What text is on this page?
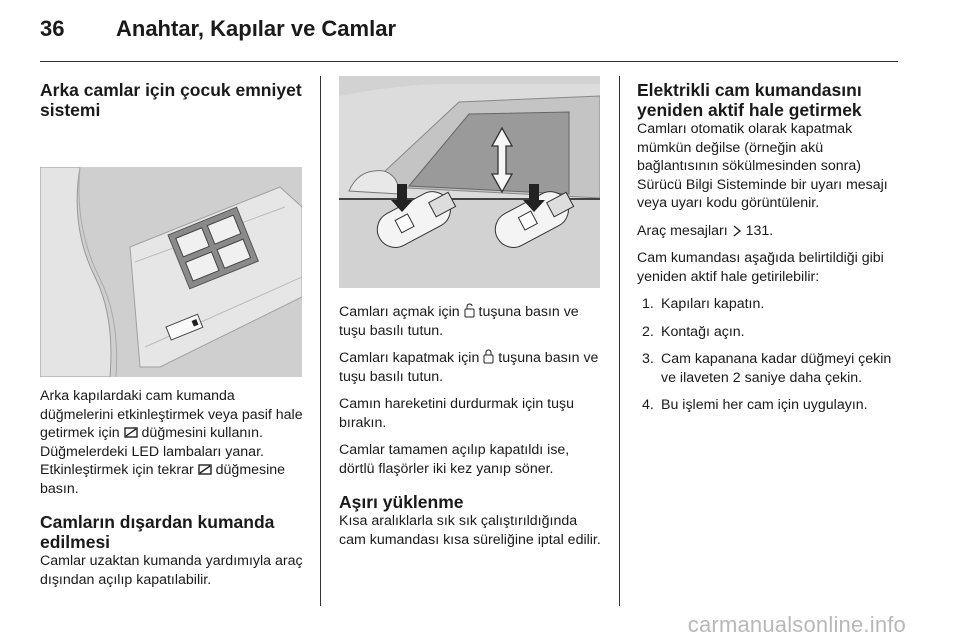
36 Anahtar, Kapılar ve Camlar
Arka camlar için çocuk emniyet sistemi

Arka kapılardaki cam kumanda düğmelerini etkinleştirmek veya pasif hale getirmek için düğmesini kullanın. Düğmelerdeki LED lambaları yanar. Etkinleştirmek için tekrar düğmesine basın.

Camların dışardan kumanda edilmesi

Camlar uzaktan kumanda yardımıyla araç dışından açılıp kapatılabilir.

Camları açmak için tuşuna basın ve tuşu basılı tutun.

Camları kapatmak için tuşuna basın ve tuşu basılı tutun.

Camın hareketini durdurmak için tuşu bırakın.

Camlar tamamen açılıp kapatıldı ise, dörtlü flaşörler iki kez yanıp söner.

Aşırı yüklenme

Kısa aralıklarla sık sık çalıştırıldığında cam kumandası kısa süreliğine iptal edilir.

Elektrikli cam kumandasını yeniden aktif hale getirmek

Camları otomatik olarak kapatmak mümkün değilse (örneğin akü bağlantısının sökülmesinden sonra) Sürücü Bilgi Sisteminde bir uyarı mesajı veya uyarı kodu görüntülenir.

Araç mesajları 131.

Cam kumandası aşağıda belirtildiği gibi yeniden aktif hale getirilebilir:

1. Kapıları kapatın.
2. Kontağı açın.
3. Cam kapanana kadar düğmeyi çekin ve ilaveten 2 saniye daha çekin.
4. Bu işlemi her cam için uygulayın.
carmanualsonline.info
